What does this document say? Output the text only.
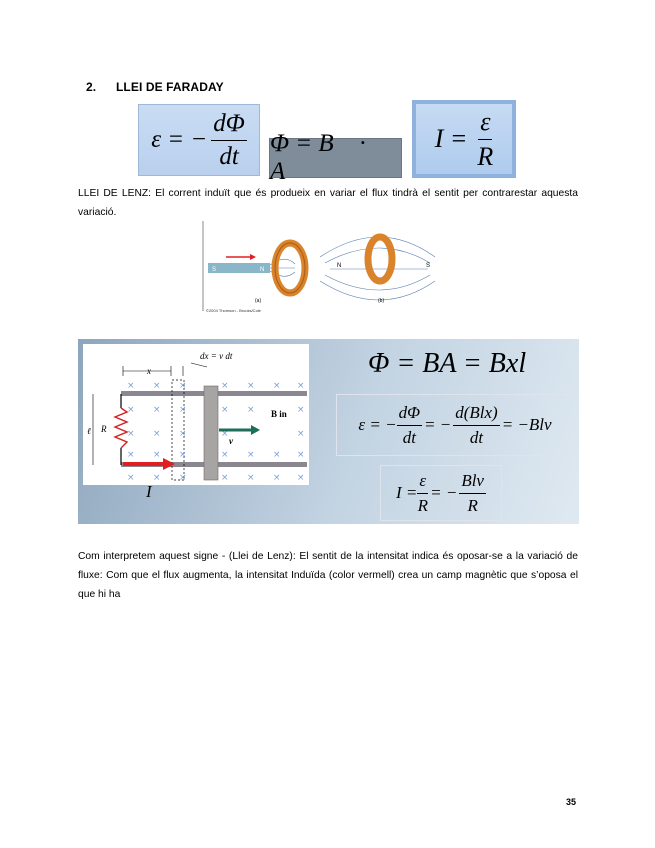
2. LLEI DE FARADAY
ε = − $\frac{d\Phi}{dt}$ Φ = B⃗ · A⃗
$I = \frac{\varepsilon}{R}$
LLEI DE LENZ: El corrent induït que és produeix en variar el flux tindrà el sentit per contrarestar aquesta variació.
S	N
(a)
©2004 Thomson - Brooks/Cole
N	S
(b)
dx = v dt
x
R
ℓ
× × ×	× × × ×
× × ×	× ×	×
× × ×	×	×
× × ×	× × × ×
× × ×	× × × ×
B in
v
I
Φ = BA = Bxl
ε = − $\frac{d\Phi}{dt}$ = − $\frac{\text{d(Blx)}}{dt} = -Blv$
$I = \frac{\varepsilon}{R}$ = − $\frac{\text{Blv}}{R}$
Com interpretem aquest signe - (Llei de Lenz): El sentit de la intensitat indica és oposar-se a la variació de fluxe: Com que el flux augmenta, la intensitat Induïda (color vermell) crea un camp magnètic que s’oposa el que hi ha
35
